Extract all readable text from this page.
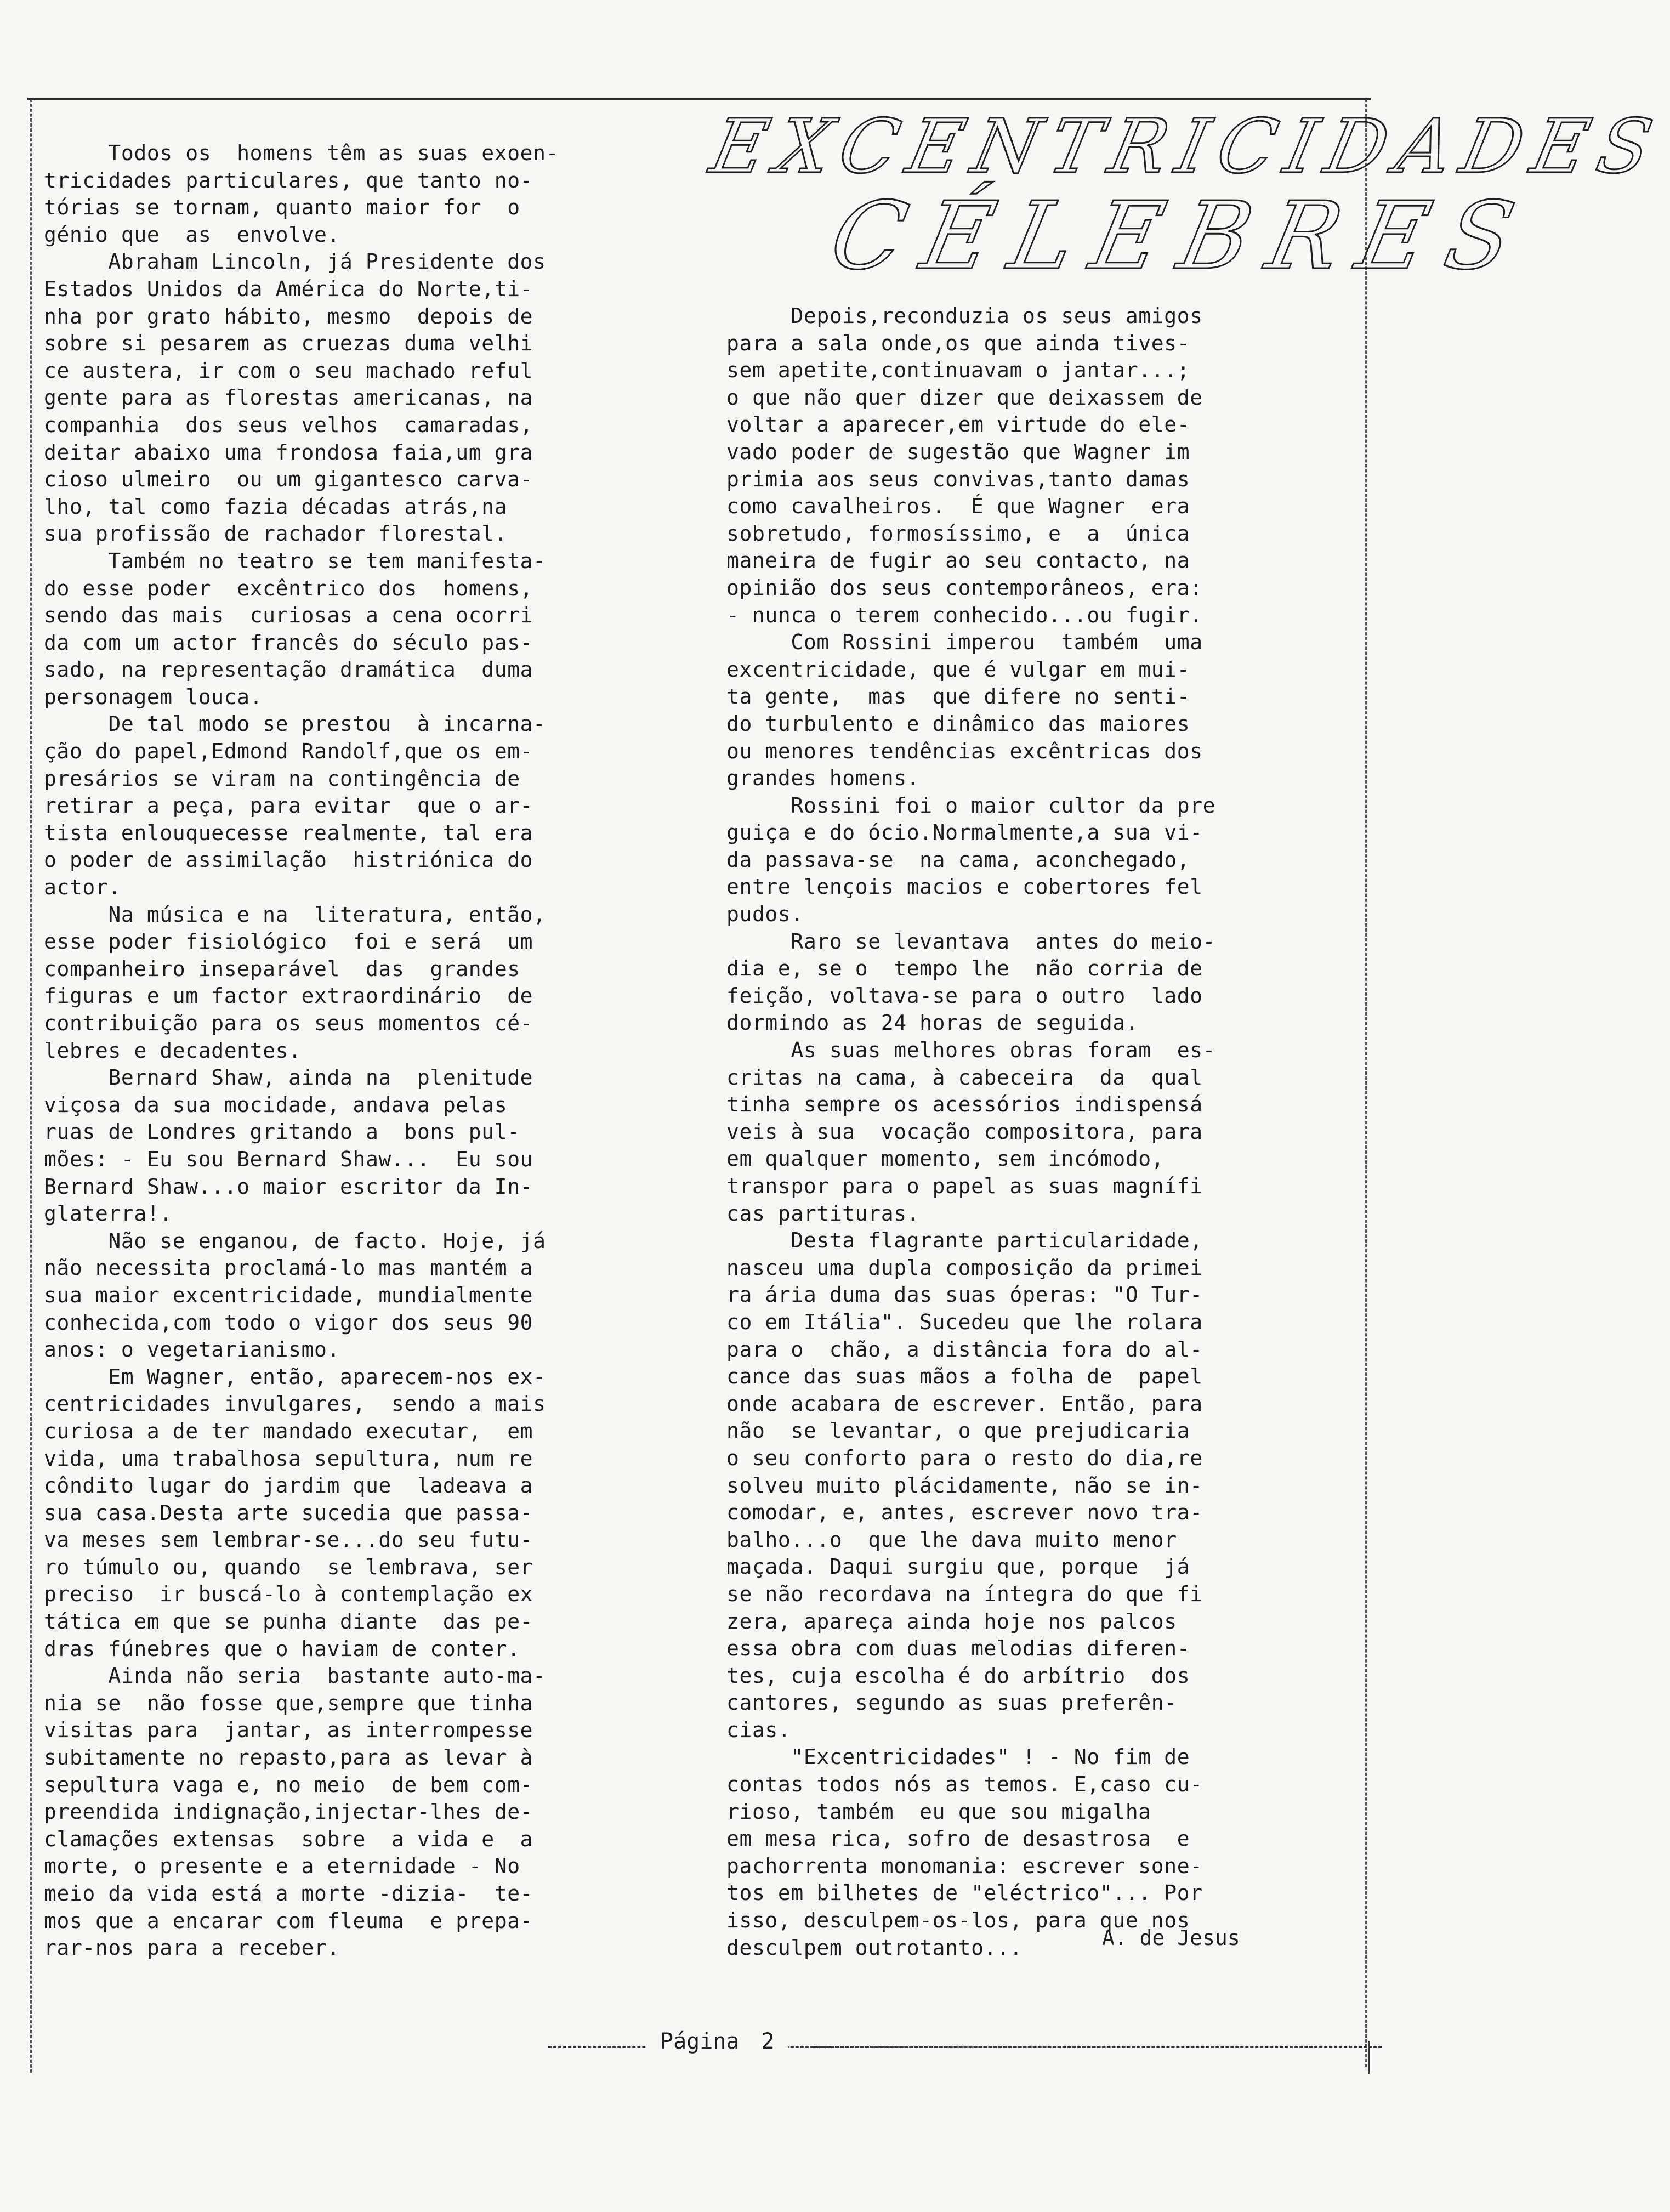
EXCENTRICIDADES
CÉLEBRES
Todos os  homens têm as suas exoen-
tricidades particulares, que tanto no-
tórias se tornam, quanto maior for  o
génio que  as  envolve.
Abraham Lincoln, já Presidente dos
Estados Unidos da América do Norte,ti-
nha por grato hábito, mesmo  depois de
sobre si pesarem as cruezas duma velhi
ce austera, ir com o seu machado reful
gente para as florestas americanas, na
companhia  dos seus velhos  camaradas,
deitar abaixo uma frondosa faia,um gra
cioso ulmeiro  ou um gigantesco carva-
lho, tal como fazia décadas atrás,na
sua profissão de rachador florestal.
Também no teatro se tem manifesta-
do esse poder  excêntrico dos  homens,
sendo das mais  curiosas a cena ocorri
da com um actor francês do século pas-
sado, na representação dramática  duma
personagem louca.
De tal modo se prestou  à incarna-
ção do papel,Edmond Randolf,que os em-
presários se viram na contingência de
retirar a peça, para evitar  que o ar-
tista enlouquecesse realmente, tal era
o poder de assimilação  histriónica do
actor.
Na música e na  literatura, então,
esse poder fisiológico  foi e será  um
companheiro inseparável  das  grandes
figuras e um factor extraordinário  de
contribuição para os seus momentos cé-
lebres e decadentes.
Bernard Shaw, ainda na  plenitude
viçosa da sua mocidade, andava pelas
ruas de Londres gritando a  bons pul-
mões: - Eu sou Bernard Shaw...  Eu sou
Bernard Shaw...o maior escritor da In-
glaterra!.
Não se enganou, de facto. Hoje, já
não necessita proclamá-lo mas mantém a
sua maior excentricidade, mundialmente
conhecida,com todo o vigor dos seus 90
anos: o vegetarianismo.
Em Wagner, então, aparecem-nos ex-
centricidades invulgares,  sendo a mais
curiosa a de ter mandado executar,  em
vida, uma trabalhosa sepultura, num re
côndito lugar do jardim que  ladeava a
sua casa.Desta arte sucedia que passa-
va meses sem lembrar-se...do seu futu-
ro túmulo ou, quando  se lembrava, ser
preciso  ir buscá-lo à contemplação ex
tática em que se punha diante  das pe-
dras fúnebres que o haviam de conter.
Ainda não seria  bastante auto-ma-
nia se  não fosse que,sempre que tinha
visitas para  jantar, as interrompesse
subitamente no repasto,para as levar à
sepultura vaga e, no meio  de bem com-
preendida indignação,injectar-lhes de-
clamações extensas  sobre  a vida e  a
morte, o presente e a eternidade - No
meio da vida está a morte -dizia-  te-
mos que a encarar com fleuma  e prepa-
rar-nos para a receber.
Depois,reconduzia os seus amigos
para a sala onde,os que ainda tives-
sem apetite,continuavam o jantar...;
o que não quer dizer que deixassem de
voltar a aparecer,em virtude do ele-
vado poder de sugestão que Wagner im
primia aos seus convivas,tanto damas
como cavalheiros.  É que Wagner  era
sobretudo, formosíssimo, e  a  única
maneira de fugir ao seu contacto, na
opinião dos seus contemporâneos, era:
- nunca o terem conhecido...ou fugir.
Com Rossini imperou  também  uma
excentricidade, que é vulgar em mui-
ta gente,  mas  que difere no senti-
do turbulento e dinâmico das maiores
ou menores tendências excêntricas dos
grandes homens.
Rossini foi o maior cultor da pre
guiça e do ócio.Normalmente,a sua vi-
da passava-se  na cama, aconchegado,
entre lençois macios e cobertores fel
pudos.
Raro se levantava  antes do meio-
dia e, se o  tempo lhe  não corria de
feição, voltava-se para o outro  lado
dormindo as 24 horas de seguida.
As suas melhores obras foram  es-
critas na cama, à cabeceira  da  qual
tinha sempre os acessórios indispensá
veis à sua  vocação compositora, para
em qualquer momento, sem incómodo,
transpor para o papel as suas magnífi
cas partituras.
Desta flagrante particularidade,
nasceu uma dupla composição da primei
ra ária duma das suas óperas: "O Tur-
co em Itália". Sucedeu que lhe rolara
para o  chão, a distância fora do al-
cance das suas mãos a folha de  papel
onde acabara de escrever. Então, para
não  se levantar, o que prejudicaria
o seu conforto para o resto do dia,re
solveu muito plácidamente, não se in-
comodar, e, antes, escrever novo tra-
balho...o  que lhe dava muito menor
maçada. Daqui surgiu que, porque  já
se não recordava na íntegra do que fi
zera, apareça ainda hoje nos palcos
essa obra com duas melodias diferen-
tes, cuja escolha é do arbítrio  dos
cantores, segundo as suas preferên-
cias.
"Excentricidades" ! - No fim de
contas todos nós as temos. E,caso cu-
rioso, também  eu que sou migalha
em mesa rica, sofro de desastrosa  e
pachorrenta monomania: escrever sone-
tos em bilhetes de "eléctrico"... Por
isso, desculpem-os-los, para que nos
desculpem outrotanto...	A. de Jesus
Página 2
